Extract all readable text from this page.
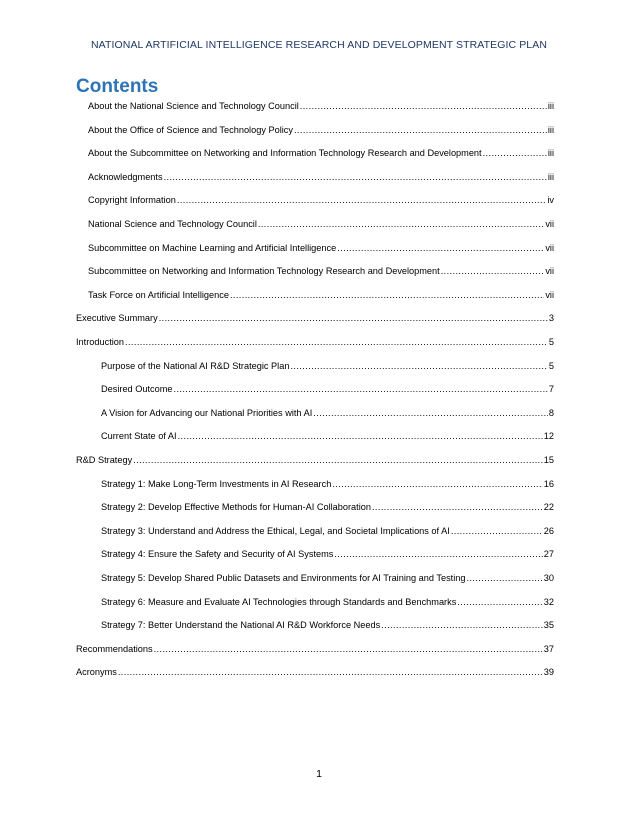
NATIONAL ARTIFICIAL INTELLIGENCE RESEARCH AND DEVELOPMENT STRATEGIC PLAN
Contents
About the National Science and Technology Council .....	iii
About the Office of Science and Technology Policy .....	iii
About the Subcommittee on Networking and Information Technology Research and Development .....	iii
Acknowledgments .....	iii
Copyright Information .....	iv
National Science and Technology Council .....	vii
Subcommittee on Machine Learning and Artificial Intelligence .....	vii
Subcommittee on Networking and Information Technology Research and Development .....	vii
Task Force on Artificial Intelligence .....	vii
Executive Summary .....	3
Introduction .....	5
Purpose of the National AI R&D Strategic Plan .....	5
Desired Outcome .....	7
A Vision for Advancing our National Priorities with AI .....	8
Current State of AI .....	12
R&D Strategy .....	15
Strategy 1: Make Long-Term Investments in AI Research .....	16
Strategy 2: Develop Effective Methods for Human-AI Collaboration .....	22
Strategy 3: Understand and Address the Ethical, Legal, and Societal Implications of AI .....	26
Strategy 4: Ensure the Safety and Security of AI Systems .....	27
Strategy 5: Develop Shared Public Datasets and Environments for AI Training and Testing .....	30
Strategy 6: Measure and Evaluate AI Technologies through Standards and Benchmarks .....	32
Strategy 7: Better Understand the National AI R&D Workforce Needs .....	35
Recommendations .....	37
Acronyms .....	39
1
